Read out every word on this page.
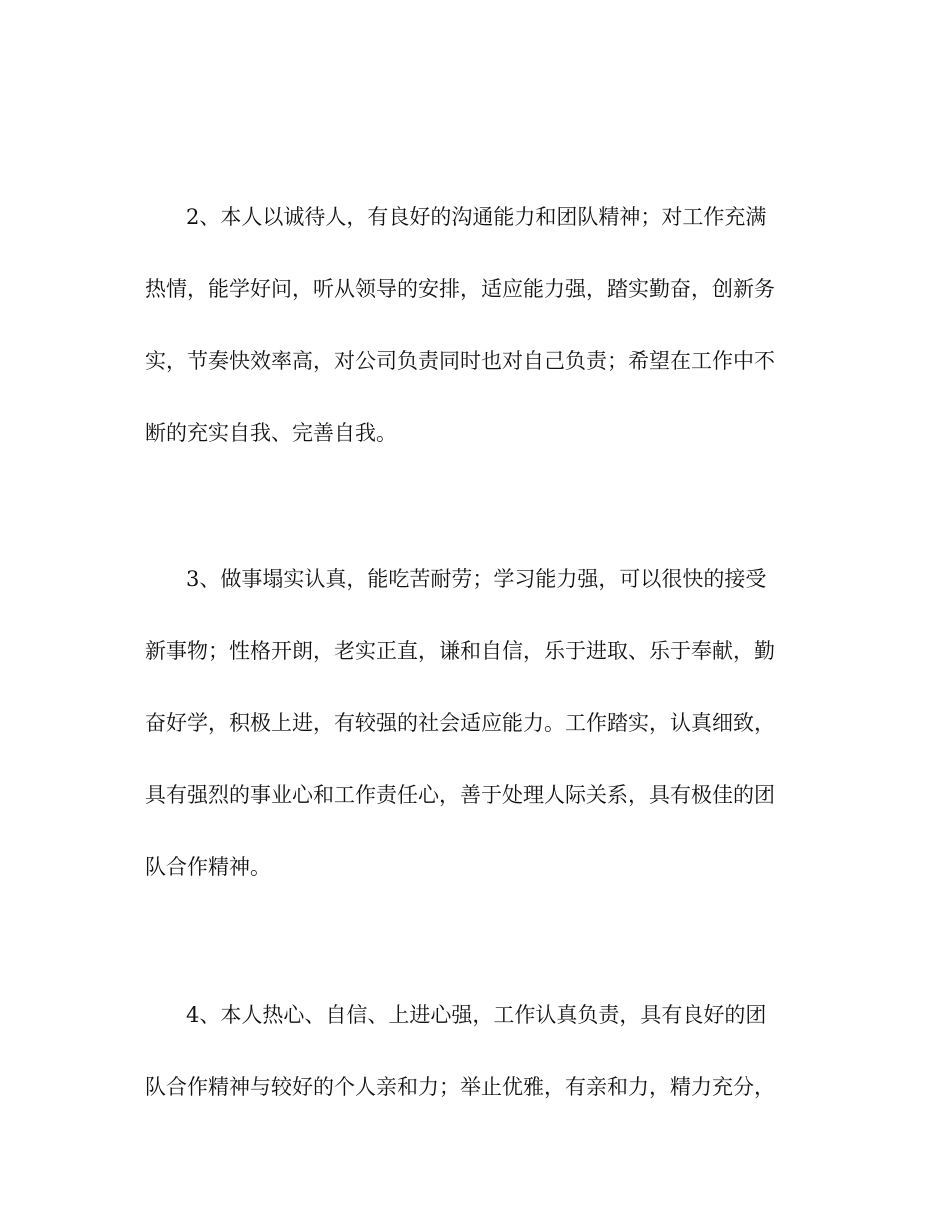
2、本人以诚待人，有良好的沟通能力和团队精神；对工作充满

热情，能学好问，听从领导的安排，适应能力强，踏实勤奋，创新务

实，节奏快效率高，对公司负责同时也对自己负责；希望在工作中不

断的充实自我、完善自我。

3、做事塌实认真，能吃苦耐劳；学习能力强，可以很快的接受

新事物；性格开朗，老实正直，谦和自信，乐于进取、乐于奉献，勤

奋好学，积极上进，有较强的社会适应能力。工作踏实，认真细致，

具有强烈的事业心和工作责任心，善于处理人际关系，具有极佳的团

队合作精神。

4、本人热心、自信、上进心强，工作认真负责，具有良好的团

队合作精神与较好的个人亲和力；举止优雅，有亲和力，精力充分，
